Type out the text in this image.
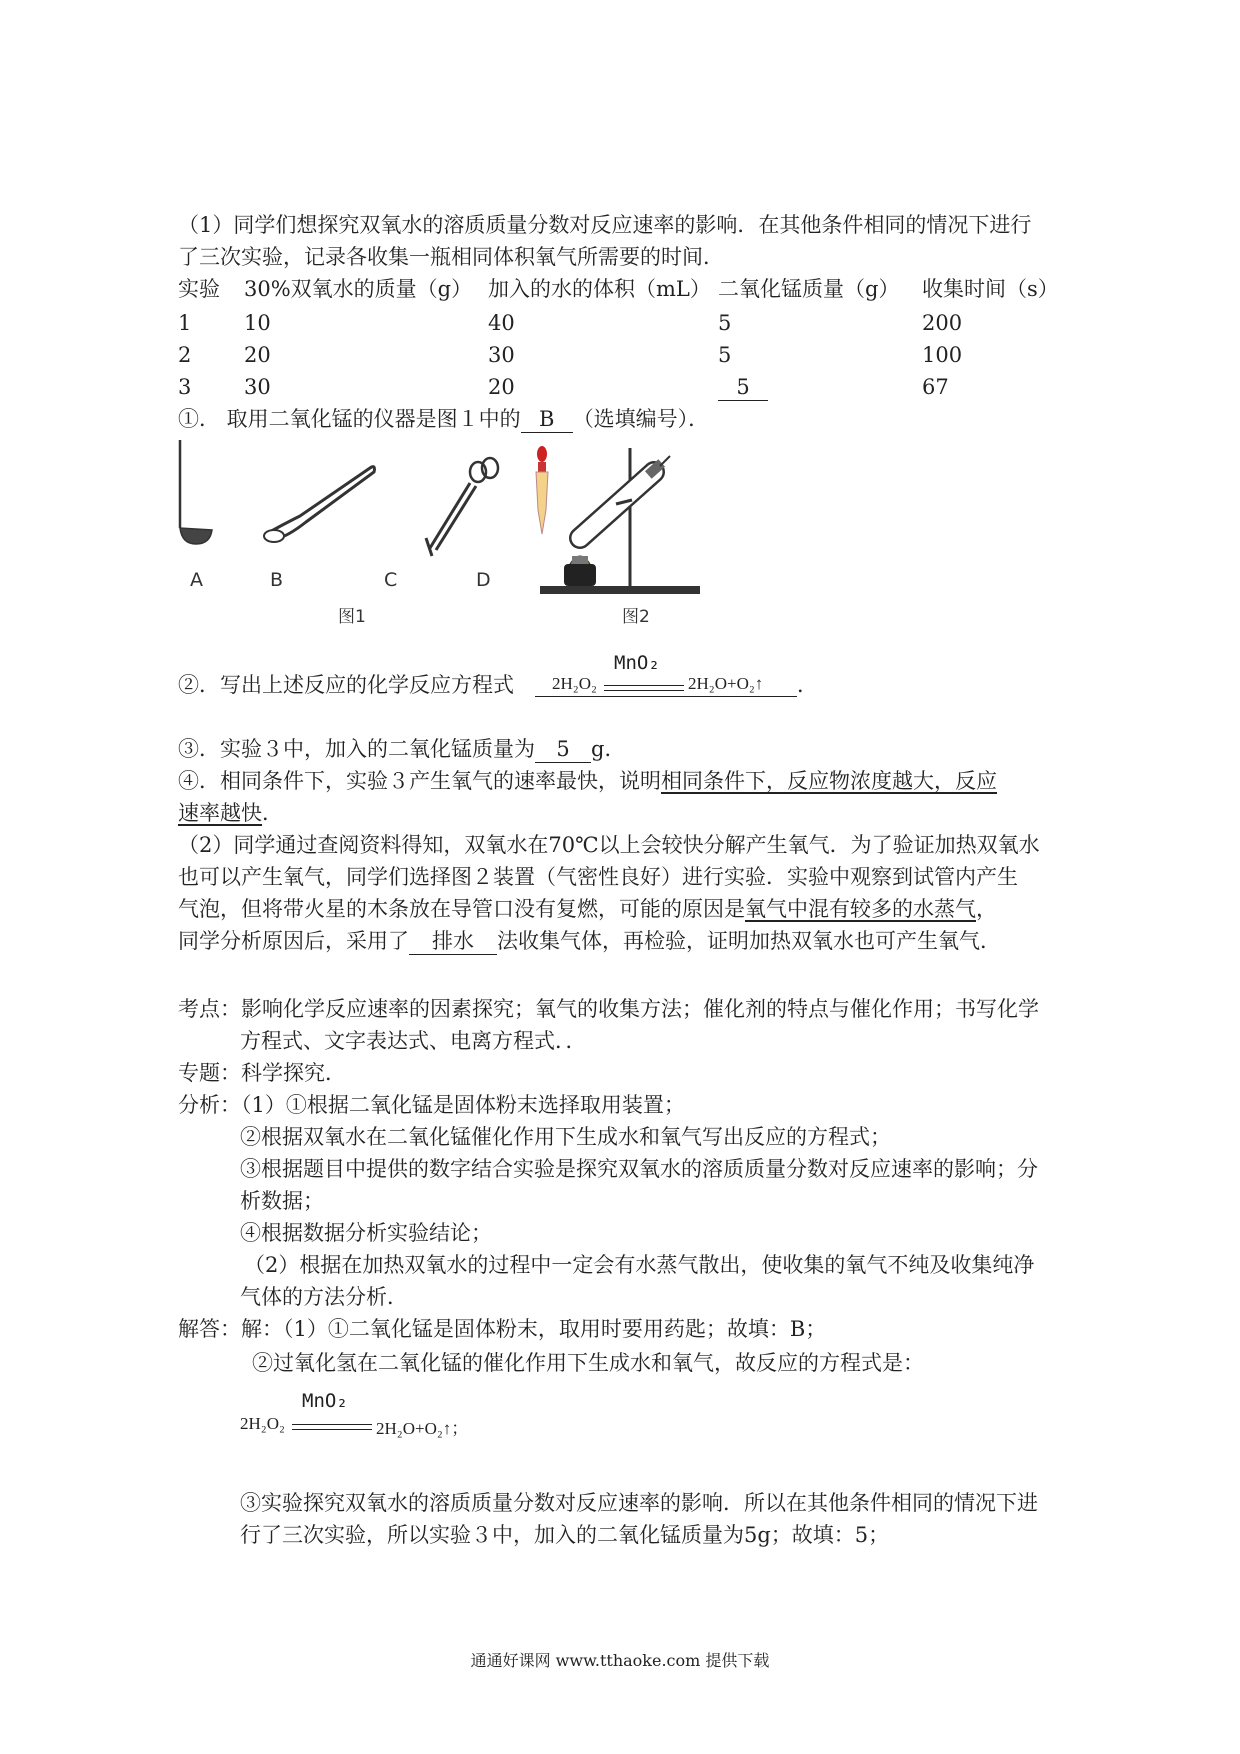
（1）同学们想探究双氧水的溶质质量分数对反应速率的影响．在其他条件相同的情况下进行
了三次实验，记录各收集一瓶相同体积氧气所需要的时间．
实验 30%双氧水的质量（g） 加入的水的体积（mL） 二氧化锰质量（g） 收集时间（s）
1	10	40	5	200
2	20	30	5	100
3	30	20	5	67
①． 取用二氧化锰的仪器是图１中的 B （选填编号）．
A	B	C	D
图1	图2
②．写出上述反应的化学反应方程式 2H₂O₂
MnO₂
2H₂O+O₂↑ ．
③．实验３中，加入的二氧化锰质量为 5 g．
④．相同条件下，实验３产生氧气的速率最快，说明相同条件下，反应物浓度越大，反应
速率越快．
（2）同学通过查阅资料得知，双氧水在70℃以上会较快分解产生氧气．为了验证加热双氧水
也可以产生氧气，同学们选择图２装置（气密性良好）进行实验．实验中观察到试管内产生
气泡，但将带火星的木条放在导管口没有复燃，可能的原因是氧气中混有较多的水蒸气，
同学分析原因后，采用了 排水 法收集气体，再检验，证明加热双氧水也可产生氧气．
考点：影响化学反应速率的因素探究；氧气的收集方法；催化剂的特点与催化作用；书写化学
方程式、文字表达式、电离方程式．．
专题：科学探究．
分析：（1）①根据二氧化锰是固体粉末选择取用装置；
②根据双氧水在二氧化锰催化作用下生成水和氧气写出反应的方程式；
③根据题目中提供的数字结合实验是探究双氧水的溶质质量分数对反应速率的影响；分
析数据；
④根据数据分析实验结论；
（2）根据在加热双氧水的过程中一定会有水蒸气散出，使收集的氧气不纯及收集纯净
气体的方法分析．
解答：解：（1）①二氧化锰是固体粉末，取用时要用药匙；故填：B；
②过氧化氢在二氧化锰的催化作用下生成水和氧气，故反应的方程式是：
2H₂O₂
MnO₂
2H₂O+O₂↑；
③实验探究双氧水的溶质质量分数对反应速率的影响．所以在其他条件相同的情况下进
行了三次实验，所以实验３中，加入的二氧化锰质量为5g；故填：5；
通通好课网 www.tthaoke.com 提供下载
